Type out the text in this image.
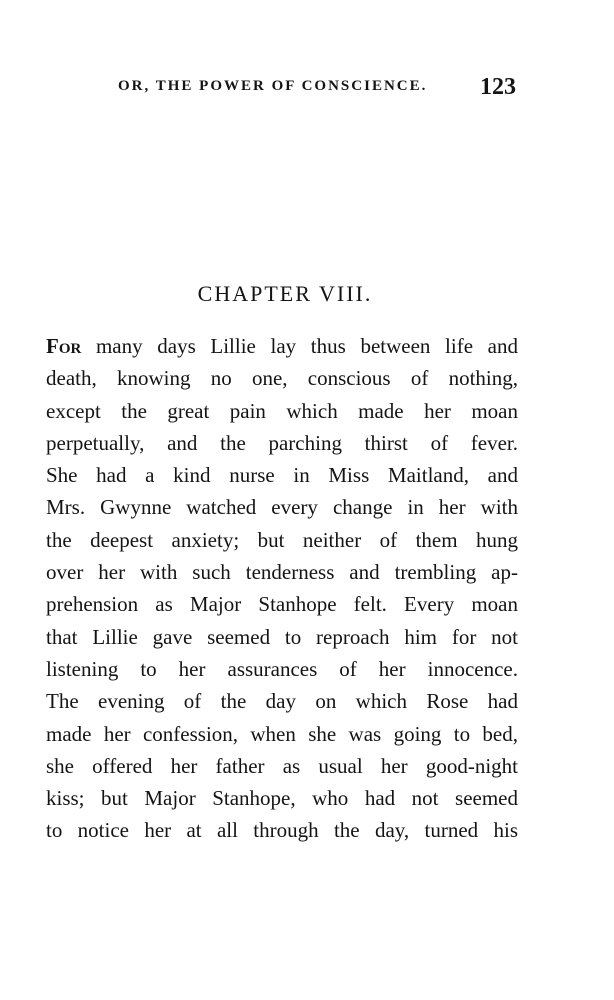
OR, THE POWER OF CONSCIENCE. 123
CHAPTER VIII.
For many days Lillie lay thus between life and
death, knowing no one, conscious of nothing,
except the great pain which made her moan
perpetually, and the parching thirst of fever.
She had a kind nurse in Miss Maitland, and
Mrs. Gwynne watched every change in her with
the deepest anxiety; but neither of them hung
over her with such tenderness and trembling ap-
prehension as Major Stanhope felt. Every moan
that Lillie gave seemed to reproach him for not
listening to her assurances of her innocence.
The evening of the day on which Rose had
made her confession, when she was going to bed,
she offered her father as usual her good-night
kiss; but Major Stanhope, who had not seemed
to notice her at all through the day, turned his
